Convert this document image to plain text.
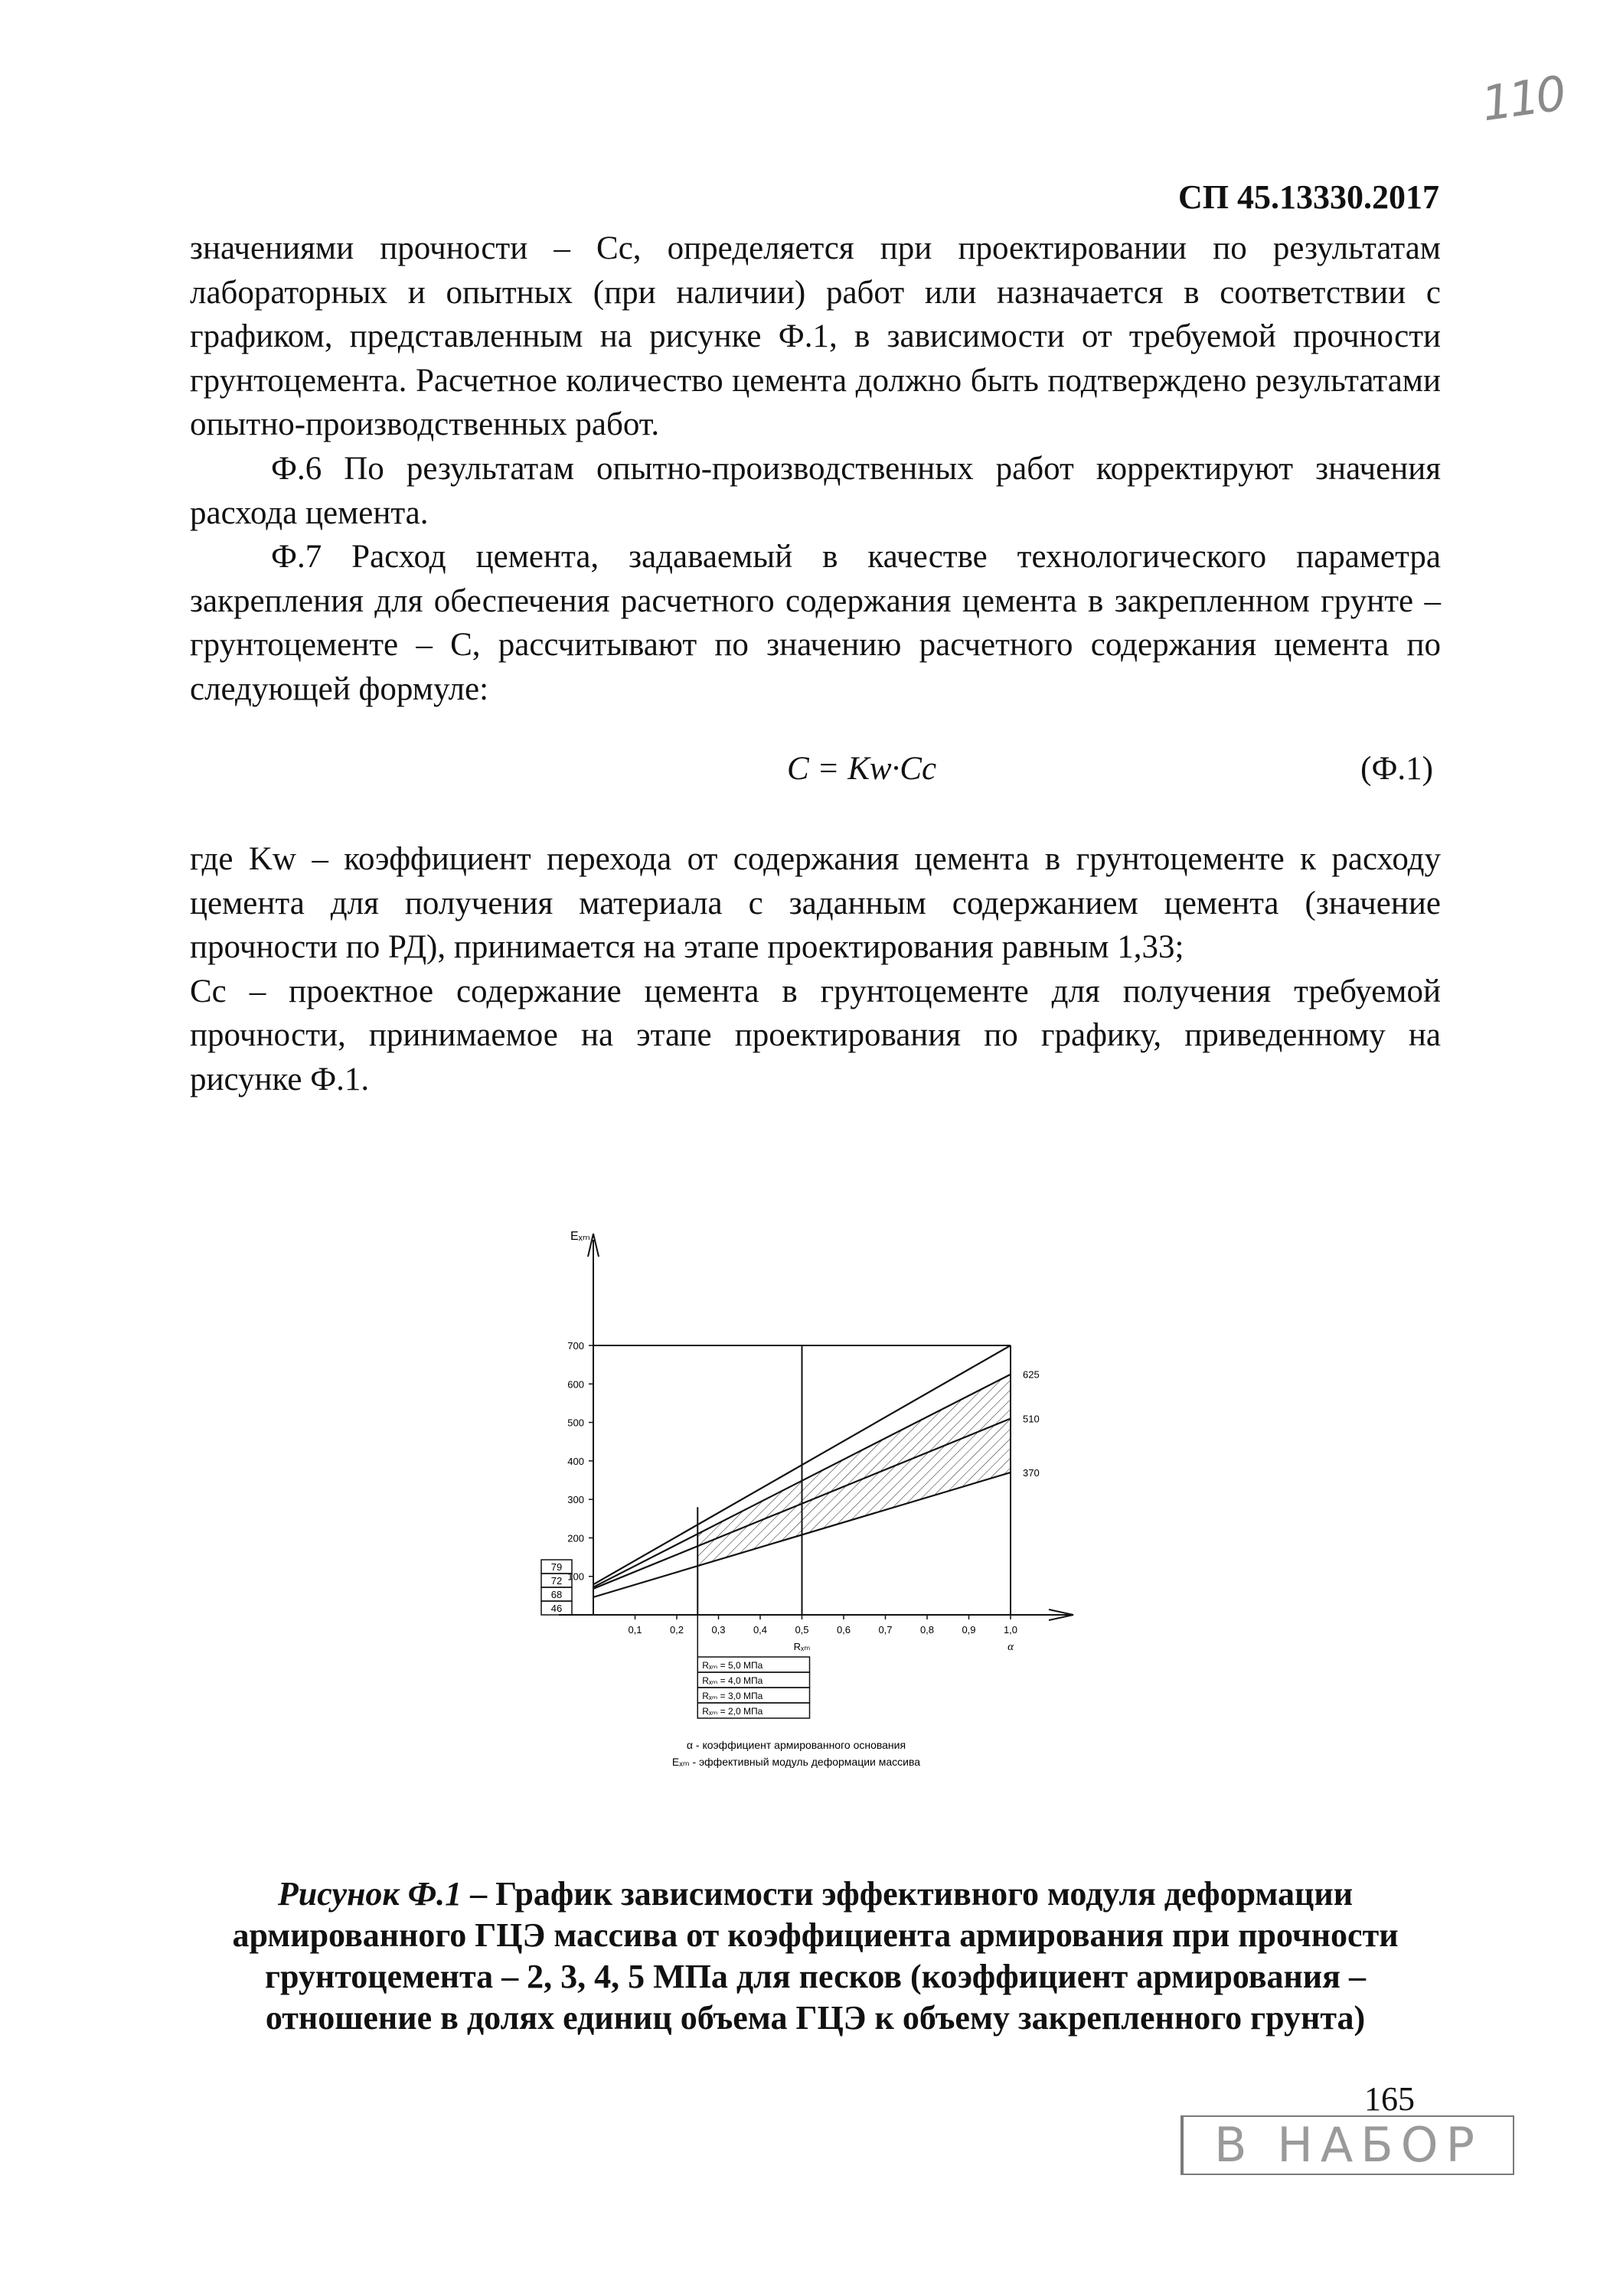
110
СП 45.13330.2017

значениями прочности – Cc, определяется при проектировании по результатам лабораторных и опытных (при наличии) работ или назначается в соответствии с графиком, представленным на рисунке Ф.1, в зависимости от требуемой прочности грунтоцемента. Расчетное количество цемента должно быть подтверждено результатами опытно-производственных работ.

Ф.6 По результатам опытно-производственных работ корректируют значения расхода цемента.

Ф.7 Расход цемента, задаваемый в качестве технологического параметра закрепления для обеспечения расчетного содержания цемента в закрепленном грунте – грунтоцементе – C, рассчитывают по значению расчетного содержания цемента по следующей формуле:

C = Kw·Cc	(Ф.1)

где Kw – коэффициент перехода от содержания цемента в грунтоцементе к расходу цемента для получения материала с заданным содержанием цемента (значение прочности по РД), принимается на этапе проектирования равным 1,33;

Cc – проектное содержание цемента в грунтоцементе для получения требуемой прочности, принимаемое на этапе проектирования по графику, приведенному на рисунке Ф.1.

Eₓₘ
100
200
300
400
500
600
700
79
72
68
46
0,1	0,2	0,3	0,4	0,5	0,6	0,7	0,8	0,9	1,0
Rₓₘ	α
625
510
370
Rₓₘ = 5,0 МПа
Rₓₘ = 4,0 МПа
Rₓₘ = 3,0 МПа
Rₓₘ = 2,0 МПа
α - коэффициент армированного основания
Eₓₘ - эффективный модуль деформации массива
Рисунок Ф.1 – График зависимости эффективного модуля деформации армированного ГЦЭ массива от коэффициента армирования при прочности грунтоцемента – 2, 3, 4, 5 МПа для песков (коэффициент армирования – отношение в долях единиц объема ГЦЭ к объему закрепленного грунта)
165
В НАБОР
